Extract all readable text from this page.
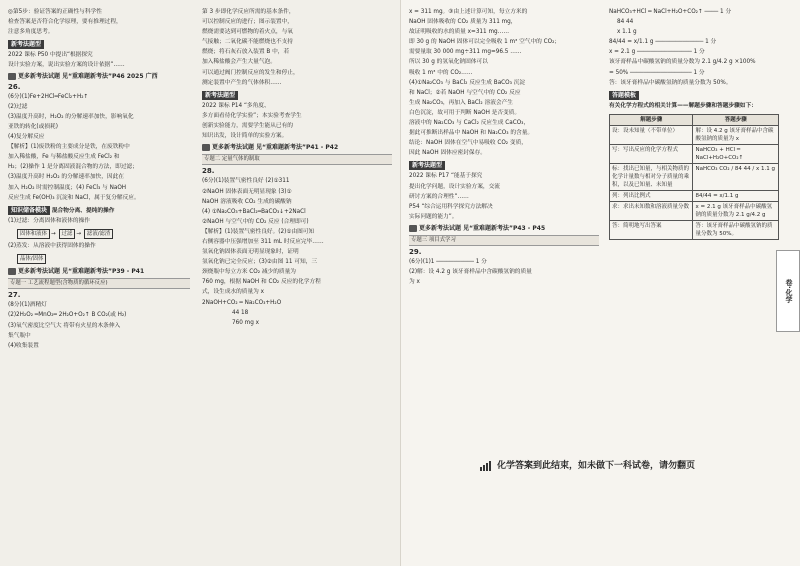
◎第5步：验证答案的正确性与科学性
检查答案是否符合化学原理，要有推理过程，
注意多角度思考。
新考法题型
2022 课标 P50 中提出“根据探究
设计实验方案，说出实验方案的设计依据”……
更多新考法试题 见“重难题新考法”P46 2025 广西
26.
(6分)(1)Fe+2HCl═FeCl₂+H₂↑
(2)过滤
(3)温度升高时，H₂O₂ 的分解速率加快，影响氧化
亚铁的转化(或损耗)
(4)复分解反应
【解析】(1)废铁粉的主要成分是铁，在废铁粉中
加入稀盐酸，Fe 与稀盐酸反应生成 FeCl₂ 和
H₂；(2)操作 1 是分离固液混合物的方法，即过滤；
(3)温度升高时 H₂O₂ 的分解速率加快，因此在
加入 H₂O₂ 时需控制温度；(4) FeCl₃ 与 NaOH
反应生成 Fe(OH)₃ 沉淀和 NaCl，属于复分解反应。
知识储备模块 混合物分离、提纯的操作
(1)过滤：分离固体和液体的操作
固体和液体 → 过滤 → 滤液/滤渣
(2)蒸发：从溶液中获得固体的操作
晶体/固体
更多新考法试题 见“重难题新考法”P39 - P41
专题一 工艺流程题型(含物质的循环反应)
27.
(8分)(1)酒精灯
(2)2H₂O₂ ═MnO₂═ 2H₂O+O₂↑ B CO₂(或 H₂)
(3)氧气密度比空气大 将带有火星的木条伸入
集气瓶中
(4)收集装置
第 3 步即化学反应所需的基本条件，
可以控制反应的进行；图示装置中，
燃烧需要达到可燃物的着火点，与氧
气接触；二氧化碳不能燃烧也不支持
燃烧；将石灰石放入装置 B 中，若
加入稀盐酸会产生大量气泡。
可以通过阀门控制反应的发生和停止，
测定装置中产生的气体体积……
新考法题型
2022 课标 P14 “多角度、
多方面看待化学实验”；本实验考查学生
创新实验能力，需要学生能从已有的
知识出发，设计简单的实验方案。
更多新考法试题 见“重难题新考法”P41 - P42
专题二 定量气体的制取
28.
(6分)(1)装置气密性良好 (2)①311
②NaOH 固体表面无明显现象 (3)①
NaOH 溶液吸收 CO₂ 生成的碳酸钠
(4) ①Na₂CO₃+BaCl₂═BaCO₃↓+2NaCl
②NaOH 与空气中的 CO₂ 反应 (合理即可)
【解析】(1)装置气密性良好。(2)①由图可知
右侧容器中压强增加至 311 mL 时反应完毕……
氢氧化钠固体表面无明显现象时，证明
氢氧化钠已完全反应；(3)②由图 11 可知，三
颈烧瓶中每立方米 CO₂ 减少的质量为
760 mg，根据 NaOH 和 CO₂ 反应的化学方程
式，设生成水的质量为 x
2NaOH+CO₂ ═ Na₂CO₃+H₂O
44 18
760 mg x
x = 311 mg。③由上述计算可知，每立方米的
NaOH 固体吸收的 CO₂ 质量为 311 mg，
故证明吸收的水的质量 x=311 mg……
即 30 g 的 NaOH 固体可以完全吸收 1 m³ 空气中的 CO₂；
需要量取 30 000 mg÷311 mg=96.5 ……
所以 30 g 的氢氧化钠固体可以
吸收 1 m³ 中的 CO₂……
(4)①Na₂CO₃ 与 BaCl₂ 反应生成 BaCO₃ 沉淀
和 NaCl；②若 NaOH 与空气中的 CO₂ 反应
生成 Na₂CO₃，再加入 BaCl₂ 溶液会产生
白色沉淀，故可用于判断 NaOH 是否变质。
溶液中的 Na₂CO₃ 与 CaCl₂ 反应生成 CaCO₃，
据此可推断出样品中 NaOH 和 Na₂CO₃ 的含量。
结论：NaOH 固体在空气中易吸收 CO₂ 变质，
因此 NaOH 固体应密封保存。
新考法题型
2022 课标 P17 “能基于探究
提出化学问题，设计实验方案，交流
研讨方案的合理性”……
P54 “综合运用科学探究方法解决
实际问题的能力”。
更多新考法试题 见“重难题新考法”P43 - P45
专题三 项目式学习
29.
(6分)(1)1 ─────────── 1 分
(2)解：设 4.2 g 该牙膏样品中含碳酸氢钠的质量
为 x
NaHCO₃+HCl ═ NaCl+H₂O+CO₂↑ ──── 1 分
84 44
x 1.1 g
84/44 = x/1.1 g ────────────── 1 分
x = 2.1 g ──────────────── 1 分
该牙膏样品中碳酸氢钠的质量分数为 2.1 g/4.2 g ×100%
= 50% ────────────────── 1 分
答：该牙膏样品中碳酸氢钠的质量分数为 50%。
答题模板
有关化学方程式的相关计算——解题步骤和答题步骤如下：
解题步骤	答题步骤
设：设未知量（不带单位）	解：设 4.2 g 该牙膏样品中含碳酸氢钠的质量为 x
写：写出反应的化学方程式	NaHCO₃ + HCl ═ NaCl+H₂O+CO₂↑
标：找出已知量，与相关物质的化学计量数与相对分子质量的乘积，以及已知量、未知量	NaHCO₃ CO₂ / 84 44 / x 1.1 g
列：列出比例式	84/44 = x/1.1 g
求：求出未知数和溶液质量分数	x = 2.1 g 该牙膏样品中碳酸氢钠的质量分数为 2.1 g/4.2 g
答：简明地写出答案	答：该牙膏样品中碳酸氢钠的质量分数为 50%。
卷·化学
化学答案到此结束，如未做下一科试卷，请勿翻页
